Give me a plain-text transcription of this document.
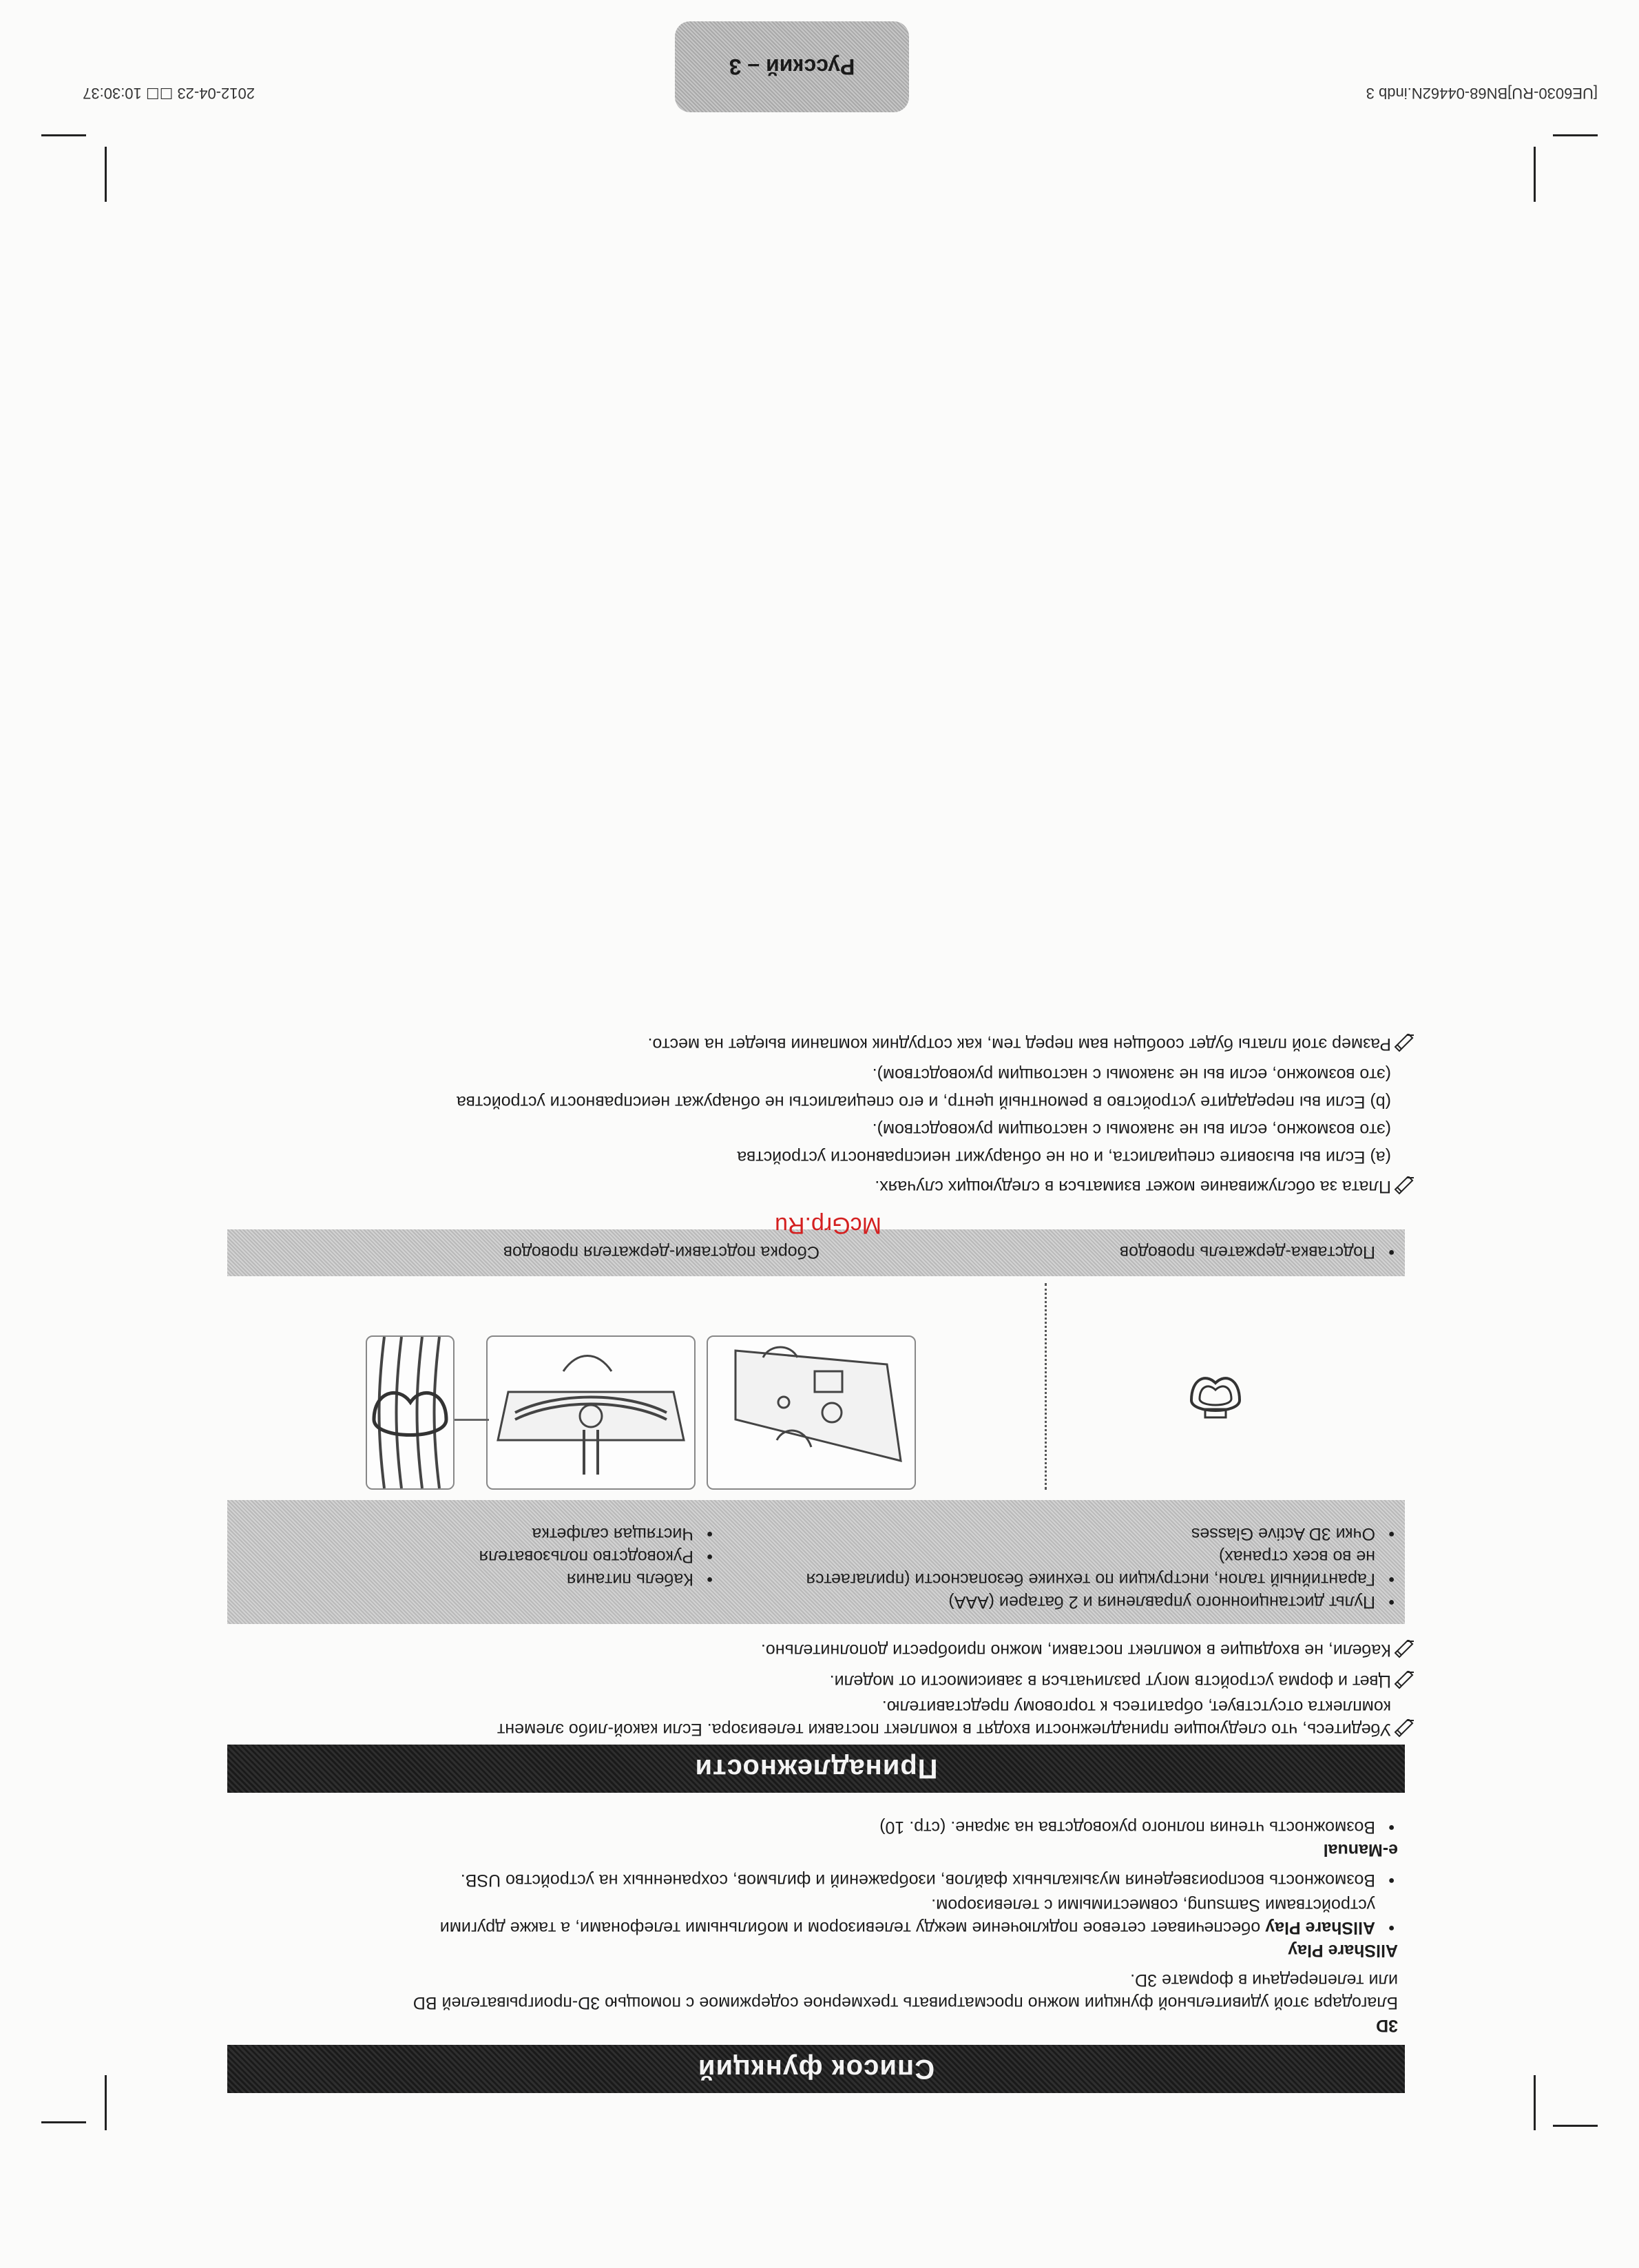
2012-04-23 ☐☐ 10:30:37	[UE6030-RU]BN68-04462N.indb 3
Русский – 3
Список функций
3D
Благодаря этой удивительной функции можно просматривать трехмерное содержимое с помощью 3D-проигрывателей BD
или телепередачи в формате 3D.
AllShare Play
•
AllShare Play обеспечивает сетевое подключение между телевизором и мобильными телефонами, а также другими
устройствами Samsung, совместимыми с телевизором.
•
Возможность воспроизведения музыкальных файлов, изображений и фильмов, сохраненных на устройство USB.
e-Manual
•
Возможность чтения полного руководства на экране. (стр. 10)
Принадлежности
Убедитесь, что следующие принадлежности входят в комплект поставки телевизора. Если какой-либо элемент
комплекта отсутствует, обратитесь к торговому представителю.
Цвет и форма устройств могут различаться в зависимости от модели.
Кабели, не входящие в комплект поставки, можно приобрести дополнительно.
•
Пульт дистанционного управления и 2 батареи (AAA)
•
Гарантийный талон, инструкции по технике безопасности (прилагается
не во всех странах)
•
Очки 3D Active Glasses
•
Кабель питания
•
Руководство пользователя
•
Чистящая салфетка
•
Подставка-держатель проводов
Сборка подставки-держателя проводов
McGrp.Ru
Плата за обслуживание может взиматься в следующих случаях.
(a) Если вы вызовите специалиста, и он не обнаружит неисправности устройства
(это возможно, если вы не знакомы с настоящим руководством).
(b) Если вы передадите устройство в ремонтный центр, и его специалисты не обнаружат неисправности устройства
(это возможно, если вы не знакомы с настоящим руководством).
Размер этой платы будет сообщен вам перед тем, как сотрудник компании выедет на место.
